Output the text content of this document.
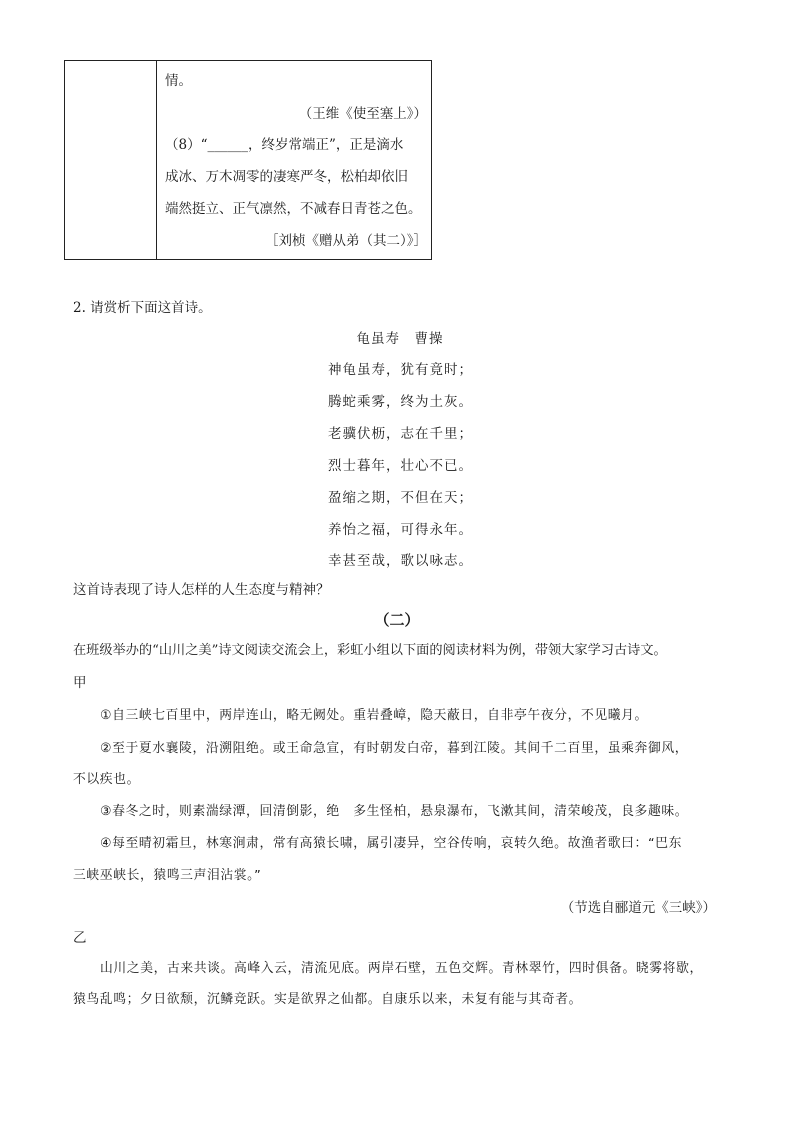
情。
（王维《使至塞上》）
（8）“______，终岁常端正”，正是滴水
成冰、万木凋零的凄寒严冬，松柏却依旧
端然挺立、正气凛然，不减春日青苍之色。
［刘桢《赠从弟（其二）》］
2. 请赏析下面这首诗。
龟虽寿　曹操
神龟虽寿，犹有竟时；
腾蛇乘雾，终为土灰。
老骥伏枥，志在千里；
烈士暮年，壮心不已。
盈缩之期，不但在天；
养怡之福，可得永年。
幸甚至哉，歌以咏志。
这首诗表现了诗人怎样的人生态度与精神？
（二）
在班级举办的“山川之美”诗文阅读交流会上，彩虹小组以下面的阅读材料为例，带领大家学习古诗文。
甲
①自三峡七百里中，两岸连山，略无阙处。重岩叠嶂，隐天蔽日，自非亭午夜分，不见曦月。
②至于夏水襄陵，沿溯阻绝。或王命急宣，有时朝发白帝，暮到江陵。其间千二百里，虽乘奔御风，
不以疾也。
③春冬之时，则素湍绿潭，回清倒影，绝　多生怪柏，悬泉瀑布，飞漱其间，清荣峻茂，良多趣味。
④每至晴初霜旦，林寒涧肃，常有高猿长啸，属引凄异，空谷传响，哀转久绝。故渔者歌曰：“巴东
三峡巫峡长，猿鸣三声泪沾裳。”
（节选自郦道元《三峡》）
乙
山川之美，古来共谈。高峰入云，清流见底。两岸石壁，五色交辉。青林翠竹，四时俱备。晓雾将歇，
猿鸟乱鸣；夕日欲颓，沉鳞竞跃。实是欲界之仙都。自康乐以来，未复有能与其奇者。
